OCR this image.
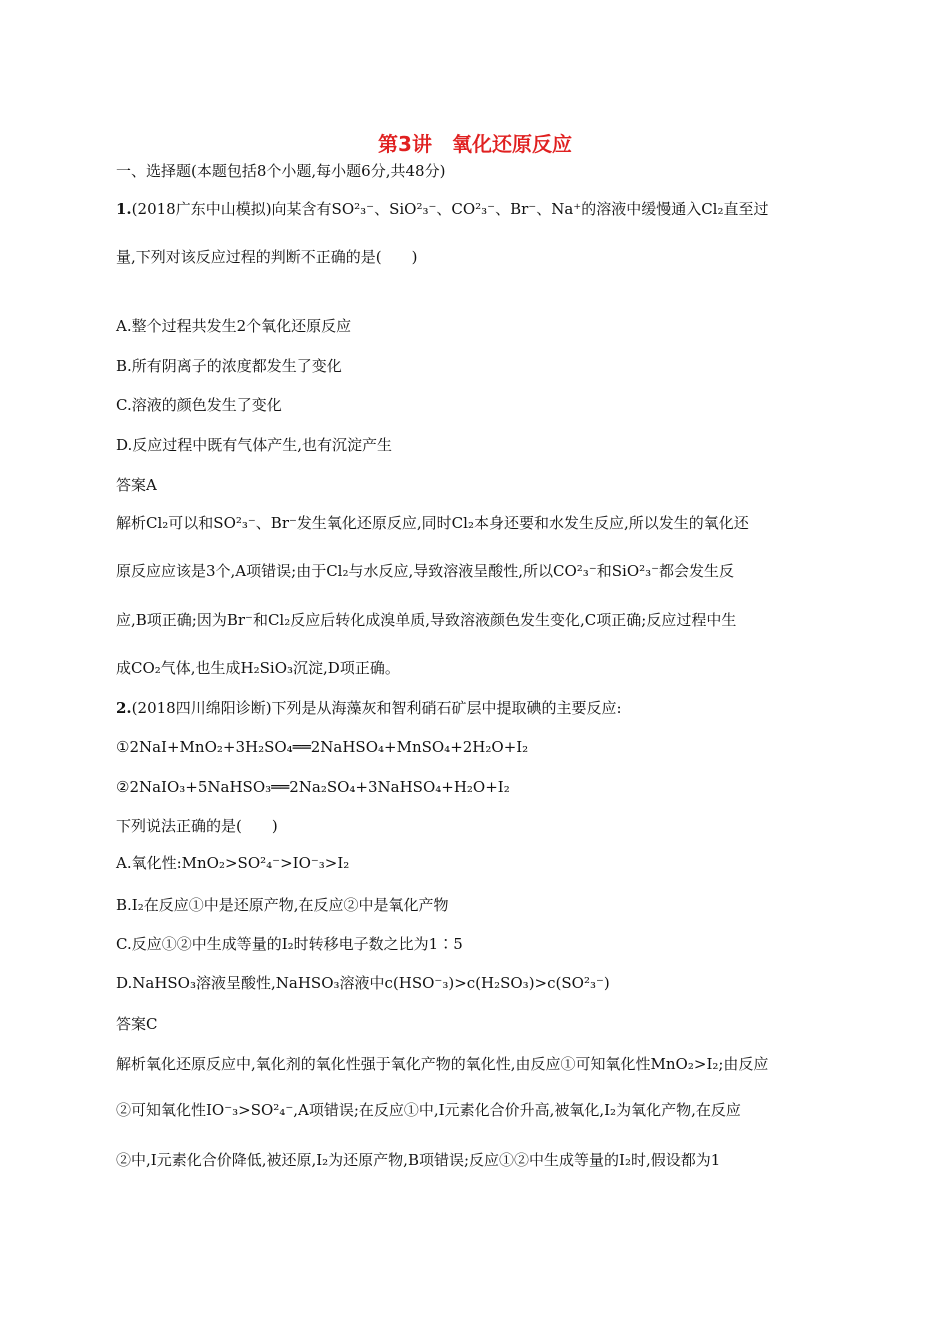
第3讲　氧化还原反应
一、选择题(本题包括8个小题,每小题6分,共48分)
1.(2018广东中山模拟)向某含有SO²₃⁻、SiO²₃⁻、CO²₃⁻、Br⁻、Na⁺的溶液中缓慢通入Cl₂直至过
量,下列对该反应过程的判断不正确的是(　　)
A.整个过程共发生2个氧化还原反应
B.所有阴离子的浓度都发生了变化
C.溶液的颜色发生了变化
D.反应过程中既有气体产生,也有沉淀产生
答案A
解析Cl₂可以和SO²₃⁻、Br⁻发生氧化还原反应,同时Cl₂本身还要和水发生反应,所以发生的氧化还
原反应应该是3个,A项错误;由于Cl₂与水反应,导致溶液呈酸性,所以CO²₃⁻和SiO²₃⁻都会发生反
应,B项正确;因为Br⁻和Cl₂反应后转化成溴单质,导致溶液颜色发生变化,C项正确;反应过程中生
成CO₂气体,也生成H₂SiO₃沉淀,D项正确。
2.(2018四川绵阳诊断)下列是从海藻灰和智利硝石矿层中提取碘的主要反应:
①2NaI+MnO₂+3H₂SO₄══2NaHSO₄+MnSO₄+2H₂O+I₂
②2NaIO₃+5NaHSO₃══2Na₂SO₄+3NaHSO₄+H₂O+I₂
下列说法正确的是(　　)
A.氧化性:MnO₂>SO²₄⁻>IO⁻₃>I₂
B.I₂在反应①中是还原产物,在反应②中是氧化产物
C.反应①②中生成等量的I₂时转移电子数之比为1∶5
D.NaHSO₃溶液呈酸性,NaHSO₃溶液中c(HSO⁻₃)>c(H₂SO₃)>c(SO²₃⁻)
答案C
解析氧化还原反应中,氧化剂的氧化性强于氧化产物的氧化性,由反应①可知氧化性MnO₂>I₂;由反应
②可知氧化性IO⁻₃>SO²₄⁻,A项错误;在反应①中,I元素化合价升高,被氧化,I₂为氧化产物,在反应
②中,I元素化合价降低,被还原,I₂为还原产物,B项错误;反应①②中生成等量的I₂时,假设都为1
